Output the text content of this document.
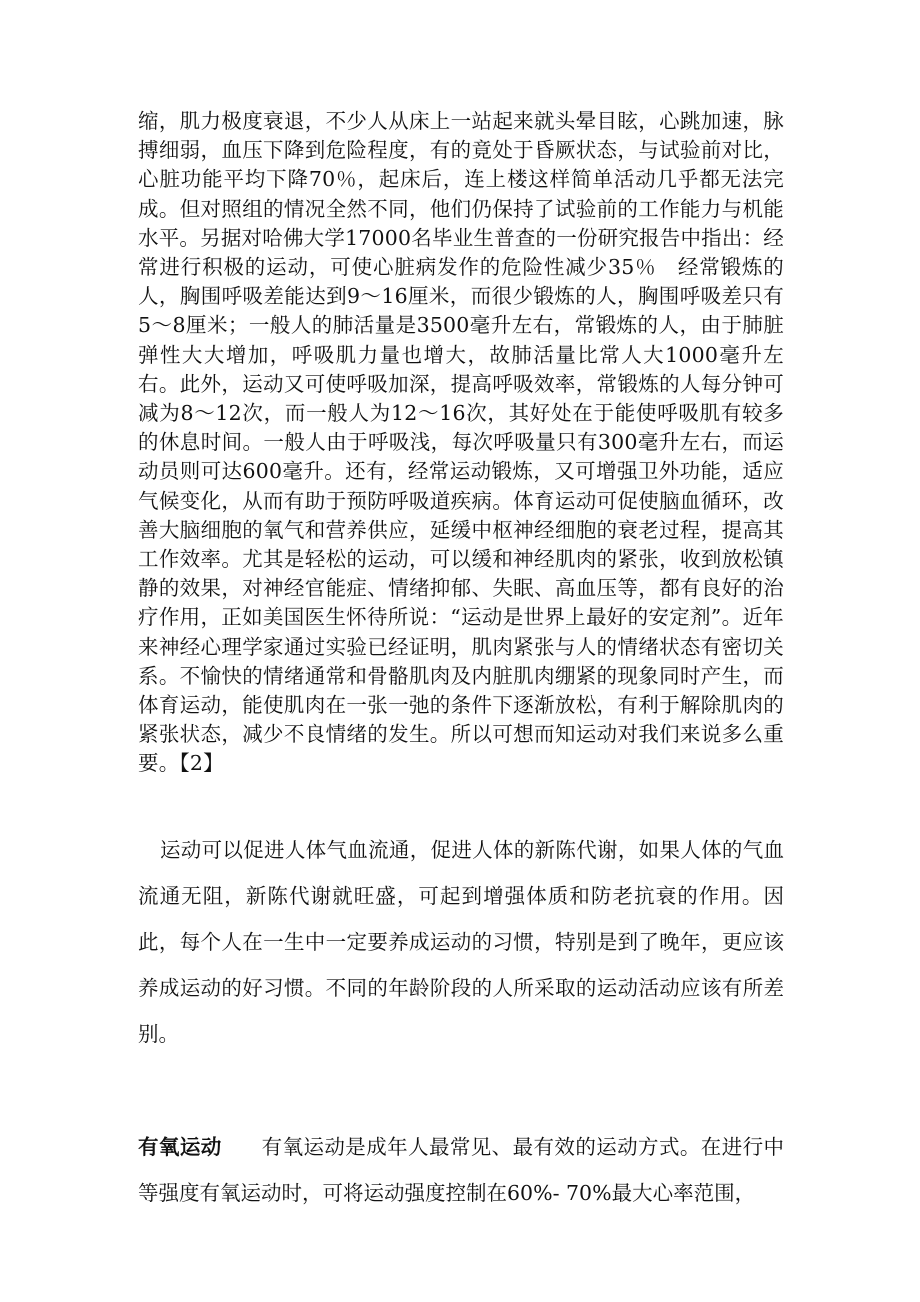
缩，肌力极度衰退，不少人从床上一站起来就头晕目眩，心跳加速，脉搏细弱，血压下降到危险程度，有的竟处于昏厥状态，与试验前对比，心脏功能平均下降70％，起床后，连上楼这样简单活动几乎都无法完成。但对照组的情况全然不同，他们仍保持了试验前的工作能力与机能水平。另据对哈佛大学17000名毕业生普查的一份研究报告中指出：经常进行积极的运动，可使心脏病发作的危险性减少35％　经常锻炼的人，胸围呼吸差能达到9～16厘米，而很少锻炼的人，胸围呼吸差只有5～8厘米；一般人的肺活量是3500毫升左右，常锻炼的人，由于肺脏弹性大大增加，呼吸肌力量也增大，故肺活量比常人大1000毫升左右。此外，运动又可使呼吸加深，提高呼吸效率，常锻炼的人每分钟可减为8～12次，而一般人为12～16次，其好处在于能使呼吸肌有较多的休息时间。一般人由于呼吸浅，每次呼吸量只有300毫升左右，而运动员则可达600毫升。还有，经常运动锻炼，又可增强卫外功能，适应气候变化，从而有助于预防呼吸道疾病。体育运动可促使脑血循环，改善大脑细胞的氧气和营养供应，延缓中枢神经细胞的衰老过程，提高其工作效率。尤其是轻松的运动，可以缓和神经肌肉的紧张，收到放松镇静的效果，对神经官能症、情绪抑郁、失眠、高血压等，都有良好的治疗作用，正如美国医生怀待所说：“运动是世界上最好的安定剂”。近年来神经心理学家通过实验已经证明，肌肉紧张与人的情绪状态有密切关系。不愉快的情绪通常和骨骼肌肉及内脏肌肉绷紧的现象同时产生，而体育运动，能使肌肉在一张一弛的条件下逐渐放松，有利于解除肌肉的紧张状态，减少不良情绪的发生。所以可想而知运动对我们来说多么重要。【2】

运动可以促进人体气血流通，促进人体的新陈代谢，如果人体的气血流通无阻，新陈代谢就旺盛，可起到增强体质和防老抗衰的作用。因此，每个人在一生中一定要养成运动的习惯，特别是到了晚年，更应该养成运动的好习惯。不同的年龄阶段的人所采取的运动活动应该有所差别。

有氧运动 有氧运动是成年人最常见、最有效的运动方式。在进行中等强度有氧运动时，可将运动强度控制在60%- 70%最大心率范围，
